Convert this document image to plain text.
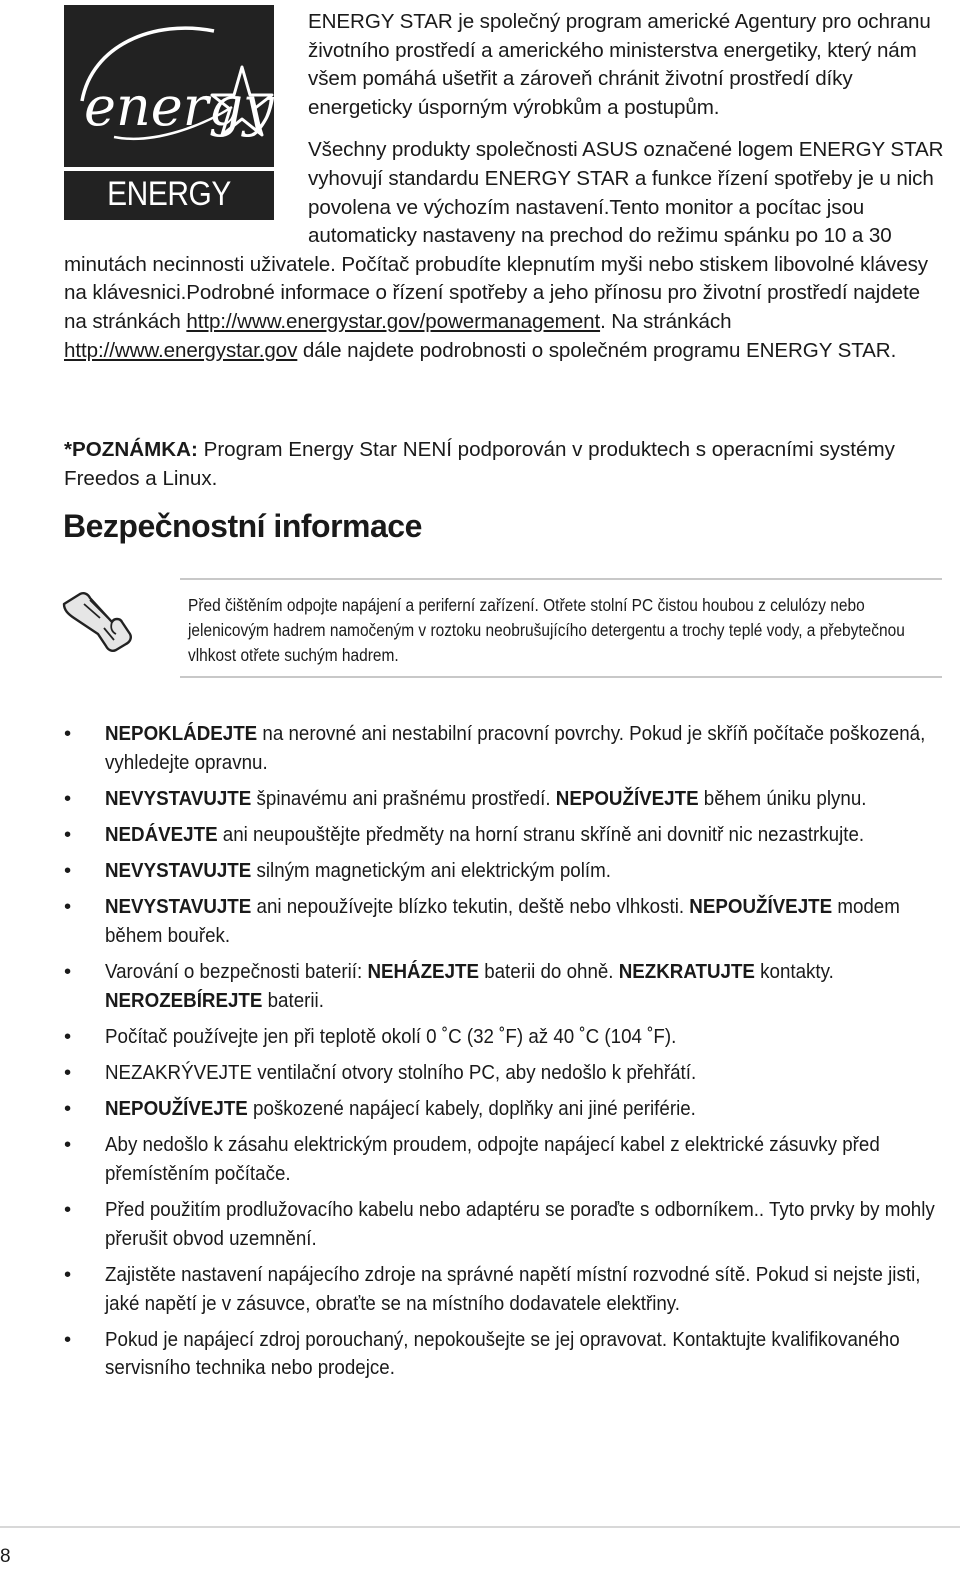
energy
ENERGY STAR

ENERGY STAR je společný program americké Agentury pro ochranu životního prostředí a amerického ministerstva energetiky, který nám všem pomáhá ušetřit a zároveň chránit životní prostředí díky energeticky úsporným výrobkům a postupům.

Všechny produkty společnosti ASUS označené logem ENERGY STAR vyhovují standardu ENERGY STAR a funkce řízení spotřeby je u nich povolena ve výchozím nastavení.Tento monitor a pocítac jsou automaticky nastaveny na prechod do režimu spánku po 10 a 30 minutách necinnosti uživatele. Počítač probudíte klepnutím myši nebo stiskem libovolné klávesy na klávesnici.Podrobné informace o řízení spotřeby a jeho přínosu pro životní prostředí najdete na stránkách http://www.energystar.gov/powermanagement. Na stránkách http://www.energystar.gov dále najdete podrobnosti o společném programu ENERGY STAR.

*POZNÁMKA: Program Energy Star NENÍ podporován v produktech s operacními systémy Freedos a Linux.
Bezpečnostní informace
Před čištěním odpojte napájení a periferní zařízení. Otřete stolní PC čistou houbou z celulózy nebo jelenicovým hadrem namočeným v roztoku neobrušujícího detergentu a trochy teplé vody, a přebytečnou vlhkost otřete suchým hadrem.
• NEPOKLÁDEJTE na nerovné ani nestabilní pracovní povrchy. Pokud je skříň počítače poškozená, vyhledejte opravnu.
• NEVYSTAVUJTE špinavému ani prašnému prostředí. NEPOUŽÍVEJTE během úniku plynu.
• NEDÁVEJTE ani neupouštějte předměty na horní stranu skříně ani dovnitř nic nezastrkujte.
• NEVYSTAVUJTE silným magnetickým ani elektrickým polím.
• NEVYSTAVUJTE ani nepoužívejte blízko tekutin, deště nebo vlhkosti. NEPOUŽÍVEJTE modem během bouřek.
• Varování o bezpečnosti baterií: NEHÁZEJTE baterii do ohně. NEZKRATUJTE kontakty. NEROZEBÍREJTE baterii.
• Počítač používejte jen při teplotě okolí 0 ˚C (32 ˚F) až 40 ˚C (104 ˚F).
• NEZAKRÝVEJTE ventilační otvory stolního PC, aby nedošlo k přehřátí.
• NEPOUŽÍVEJTE poškozené napájecí kabely, doplňky ani jiné periférie.
• Aby nedošlo k zásahu elektrickým proudem, odpojte napájecí kabel z elektrické zásuvky před přemístěním počítače.
• Před použitím prodlužovacího kabelu nebo adaptéru se poraďte s odborníkem.. Tyto prvky by mohly přerušit obvod uzemnění.
• Zajistěte nastavení napájecího zdroje na správné napětí místní rozvodné sítě. Pokud si nejste jisti, jaké napětí je v zásuvce, obraťte se na místního dodavatele elektřiny.
• Pokud je napájecí zdroj porouchaný, nepokoušejte se jej opravovat. Kontaktujte kvalifikovaného servisního technika nebo prodejce.
8
